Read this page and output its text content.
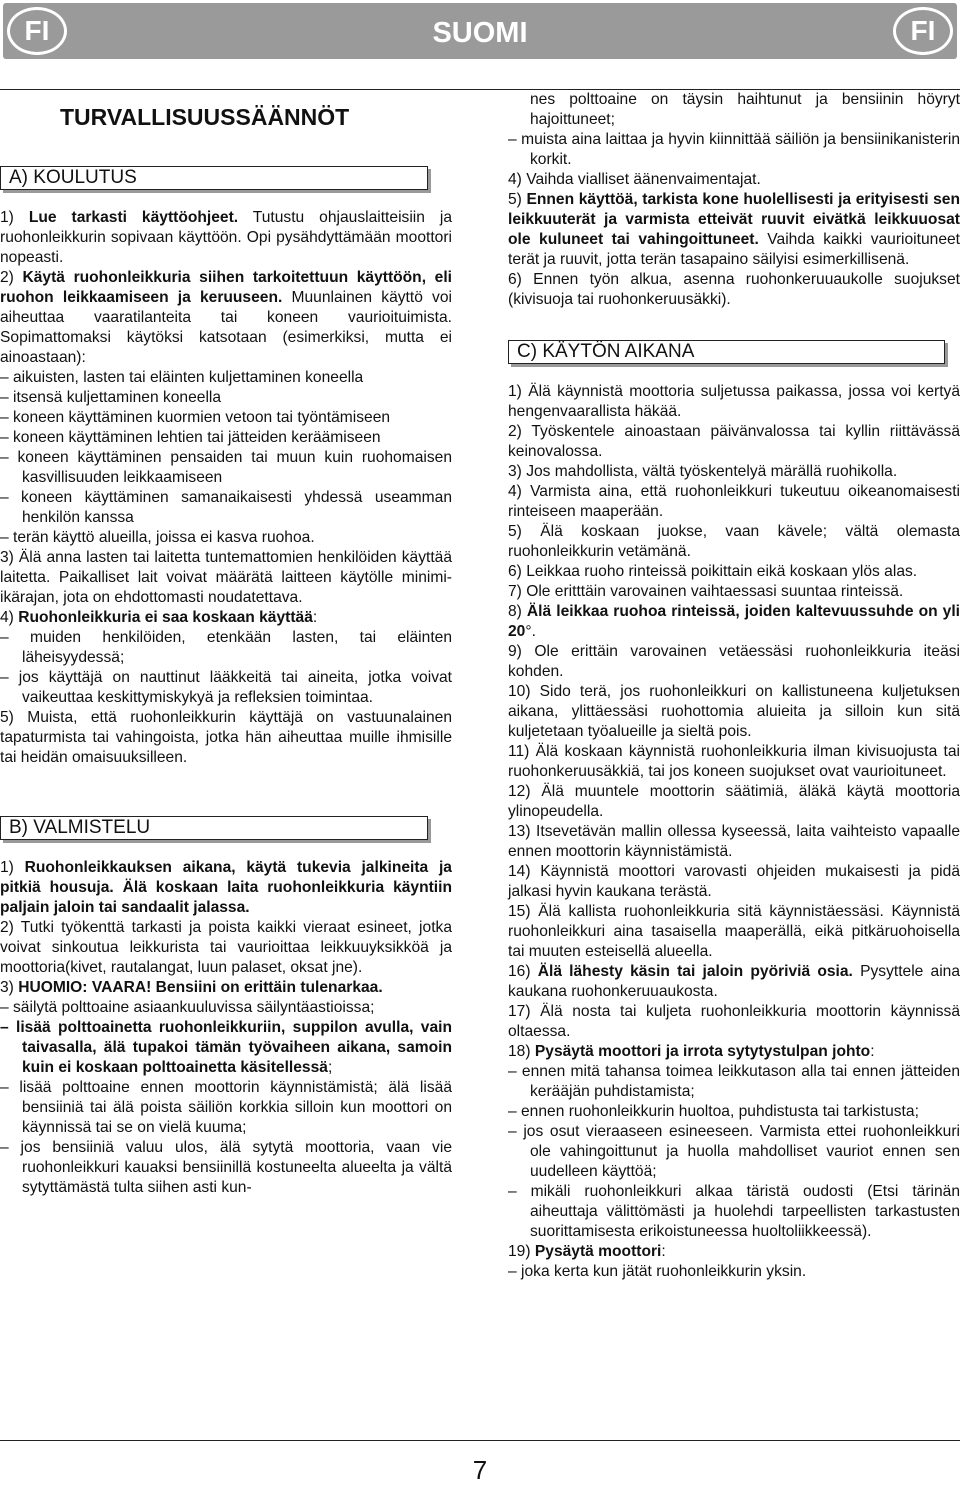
FI	SUOMI	FI
TURVALLISUUSSÄÄNNÖT
A) KOULUTUS

1) Lue tarkasti käyttöohjeet. Tutustu ohjauslaitteisiin ja ruohonleikkurin sopivaan käyttöön. Opi pysähdyttämään moottori nopeasti.

2) Käytä ruohonleikkuria siihen tarkoitettuun käyttöön, eli ruohon leikkaamiseen ja keruuseen. Muunlainen käyttö voi aiheuttaa vaaratilanteita tai koneen vaurioituimista. Sopimattomaksi käytöksi katsotaan (esimerkiksi, mutta ei ainoastaan):

– aikuisten, lasten tai eläinten kuljettaminen koneella

– itsensä kuljettaminen koneella

– koneen käyttäminen kuormien vetoon tai työntämiseen

– koneen käyttäminen lehtien tai jätteiden keräämiseen

– koneen käyttäminen pensaiden tai muun kuin ruohomaisen kasvillisuuden leikkaamiseen

– koneen käyttäminen samanaikaisesti yhdessä useamman henkilön kanssa

– terän käyttö alueilla, joissa ei kasva ruohoa.

3) Älä anna lasten tai laitetta tuntemattomien henkilöiden käyttää laitetta. Paikalliset lait voivat määrätä laitteen käytölle minimi-ikärajan, jota on ehdottomasti noudatettava.

4) Ruohonleikkuria ei saa koskaan käyttää:

– muiden henkilöiden, etenkään lasten, tai eläinten läheisyydessä;

– jos käyttäjä on nauttinut lääkkeitä tai aineita, jotka voivat vaikeuttaa keskittymiskykyä ja refleksien toimintaa.

5) Muista, että ruohonleikkurin käyttäjä on vastuunalainen tapaturmista tai vahingoista, jotka hän aiheuttaa muille ihmisille tai heidän omaisuuksilleen.

B) VALMISTELU

1) Ruohonleikkauksen aikana, käytä tukevia jalkineita ja pitkiä housuja. Älä koskaan laita ruohonleikkuria käyntiin paljain jaloin tai sandaalit jalassa.

2) Tutki työkenttä tarkasti ja poista kaikki vieraat esineet, jotka voivat sinkoutua leikkurista tai vaurioittaa leikkuuyksikköä ja moottoria(kivet, rautalangat, luun palaset, oksat jne).

3) HUOMIO: VAARA! Bensiini on erittäin tulenarkaa.

– säilytä polttoaine asiaankuuluvissa säilyntäastioissa;

– lisää polttoainetta ruohonleikkuriin, suppilon avulla, vain taivasalla, älä tupakoi tämän työvaiheen aikana, samoin kuin ei koskaan polttoainetta käsitellessä;

– lisää polttoaine ennen moottorin käynnistämistä; älä lisää bensiiniä tai älä poista säiliön korkkia silloin kun moottori on käynnissä tai se on vielä kuuma;

– jos bensiiniä valuu ulos, älä sytytä moottoria, vaan vie ruohonleikkuri kauaksi bensiinillä kostuneelta alueelta ja vältä sytyttämästä tulta siihen asti kun-

nes polttoaine on täysin haihtunut ja bensiinin höyryt hajoittuneet;

– muista aina laittaa ja hyvin kiinnittää säiliön ja bensiinikanisterin korkit.

4) Vaihda vialliset äänenvaimentajat.

5) Ennen käyttöä, tarkista kone huolellisesti ja erityisesti sen leikkuuterät ja varmista etteivät ruuvit eivätkä leikkuuosat ole kuluneet tai vahingoittuneet. Vaihda kaikki vaurioituneet terät ja ruuvit, jotta terän tasapaino säilyisi esimerkillisenä.

6) Ennen työn alkua, asenna ruohonkeruuaukolle suojukset (kivisuoja tai ruohonkeruusäkki).

C) KÄYTÖN AIKANA

1) Älä käynnistä moottoria suljetussa paikassa, jossa voi kertyä hengenvaarallista häkää.

2) Työskentele ainoastaan päivänvalossa tai kyllin riittävässä keinovalossa.

3) Jos mahdollista, vältä työskentelyä märällä ruohikolla.

4) Varmista aina, että ruohonleikkuri tukeutuu oikeanomaisesti rinteiseen maaperään.

5) Älä koskaan juokse, vaan kävele; vältä olemasta ruohonleikkurin vetämänä.

6) Leikkaa ruoho rinteissä poikittain eikä koskaan ylös alas.

7) Ole eritttäin varovainen vaihtaessasi suuntaa rinteissä.

8) Älä leikkaa ruohoa rinteissä, joiden kaltevuussuhde on yli 20°.

9) Ole erittäin varovainen vetäessäsi ruohonleikkuria iteäsi kohden.

10) Sido terä, jos ruohonleikkuri on kallistuneena kuljetuksen aikana, ylittäessäsi ruohottomia aluieita ja silloin kun sitä kuljetetaan työalueille ja sieltä pois.

11) Älä koskaan käynnistä ruohonleikkuria ilman kivisuojusta tai ruohonkeruusäkkiä, tai jos koneen suojukset ovat vaurioituneet.

12) Älä muuntele moottorin säätimiä, äläkä käytä moottoria ylinopeudella.

13) Itsevetävän mallin ollessa kyseessä, laita vaihteisto vapaalle ennen moottorin käynnistämistä.

14) Käynnistä moottori varovasti ohjeiden mukaisesti ja pidä jalkasi hyvin kaukana terästä.

15) Älä kallista ruohonleikkuria sitä käynnistäessäsi. Käynnistä ruohonleikkuri aina tasaisella maaperällä, eikä pitkäruohoisella tai muuten esteisellä alueella.

16) Älä lähesty käsin tai jaloin pyöriviä osia. Pysyttele aina kaukana ruohonkeruuaukosta.

17) Älä nosta tai kuljeta ruohonleikkuria moottorin käynnissä oltaessa.

18) Pysäytä moottori ja irrota sytytystulpan johto:

– ennen mitä tahansa toimea leikkutason alla tai ennen jätteiden kerääjän puhdistamista;

– ennen ruohonleikkurin huoltoa, puhdistusta tai tarkistusta;

– jos osut vieraaseen esineeseen. Varmista ettei ruohonleikkuri ole vahingoittunut ja huolla mahdolliset vauriot ennen sen uudelleen käyttöä;

– mikäli ruohonleikkuri alkaa täristä oudosti (Etsi tärinän aiheuttaja välittömästi ja huolehdi tarpeellisten tarkastusten suorittamisesta erikoistuneessa huoltoliikkeessä).

19) Pysäytä moottori:

– joka kerta kun jätät ruohonleikkurin yksin.

7
